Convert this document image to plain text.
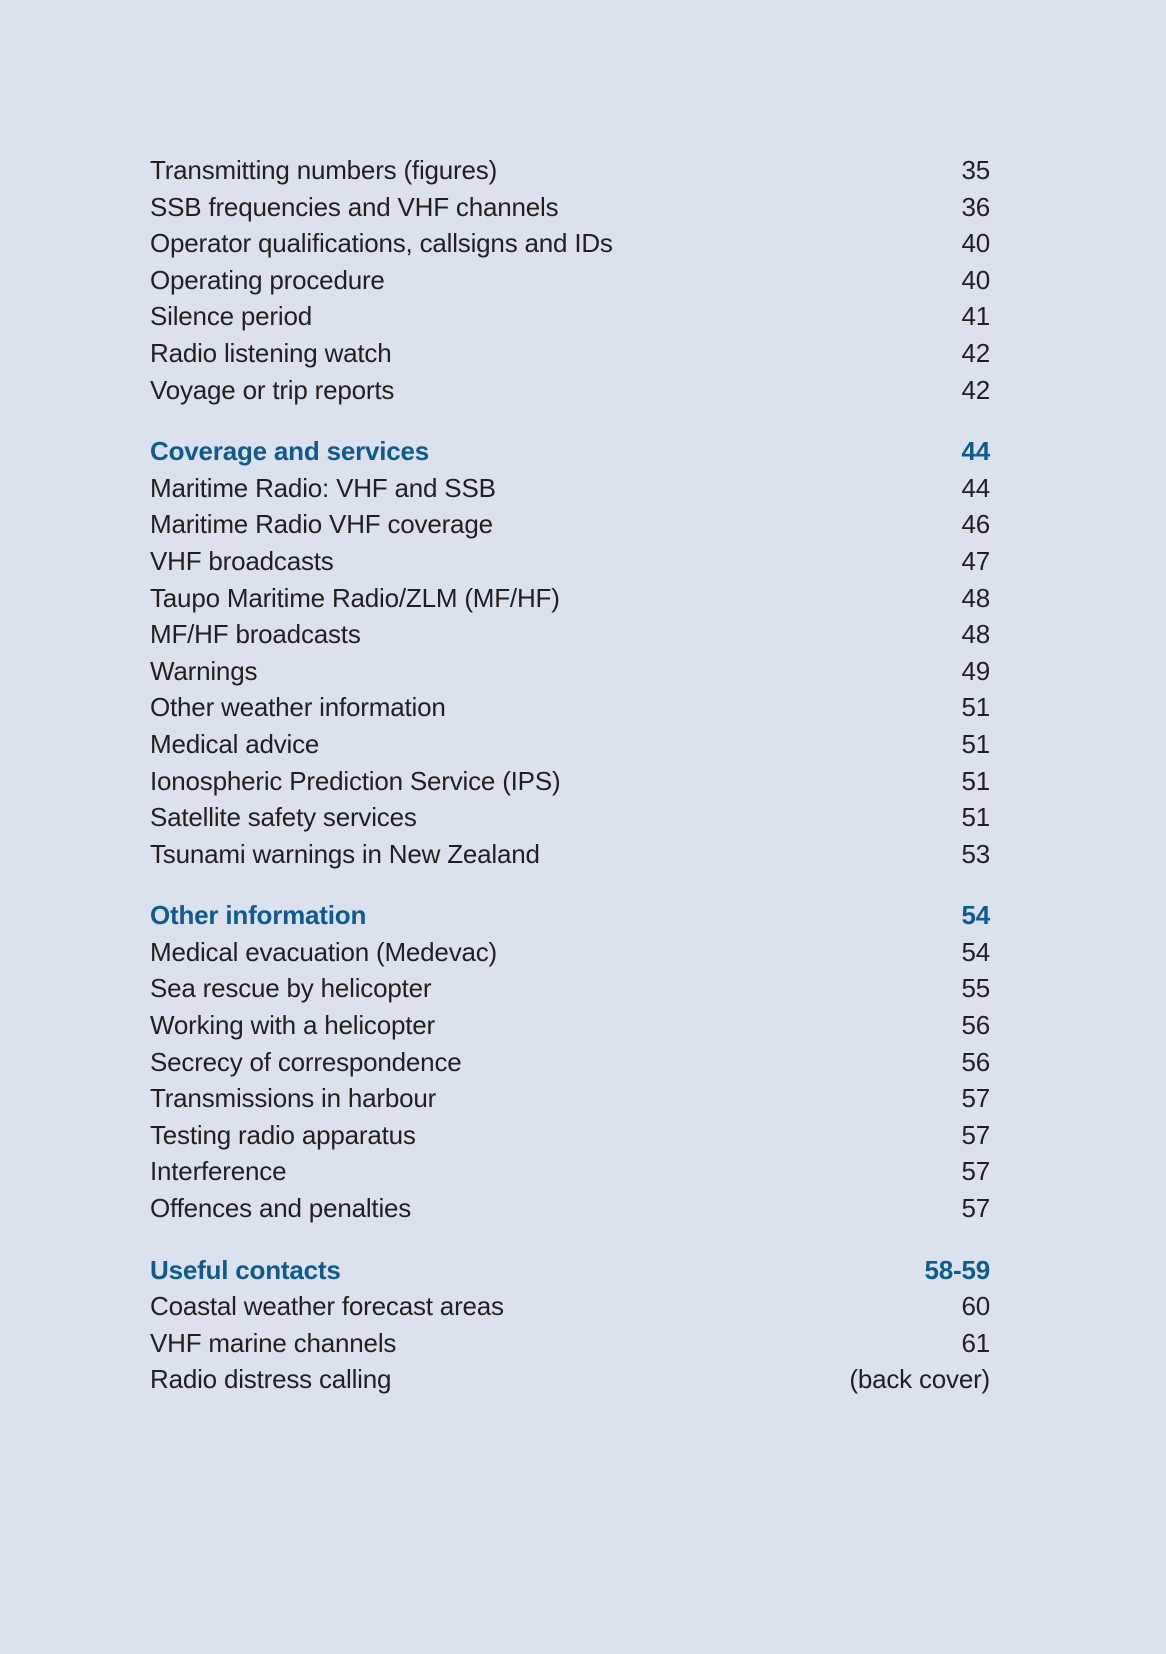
Transmitting numbers (figures)	35
SSB frequencies and VHF channels	36
Operator qualifications, callsigns and IDs	40
Operating procedure	40
Silence period	41
Radio listening watch	42
Voyage or trip reports	42
Coverage and services	44
Maritime Radio: VHF and SSB	44
Maritime Radio VHF coverage	46
VHF broadcasts	47
Taupo Maritime Radio/ZLM (MF/HF)	48
MF/HF broadcasts	48
Warnings	49
Other weather information	51
Medical advice	51
Ionospheric Prediction Service (IPS)	51
Satellite safety services	51
Tsunami warnings in New Zealand	53
Other information	54
Medical evacuation (Medevac)	54
Sea rescue by helicopter	55
Working with a helicopter	56
Secrecy of correspondence	56
Transmissions in harbour	57
Testing radio apparatus	57
Interference	57
Offences and penalties	57
Useful contacts	58-59
Coastal weather forecast areas	60
VHF marine channels	61
Radio distress calling	(back cover)
